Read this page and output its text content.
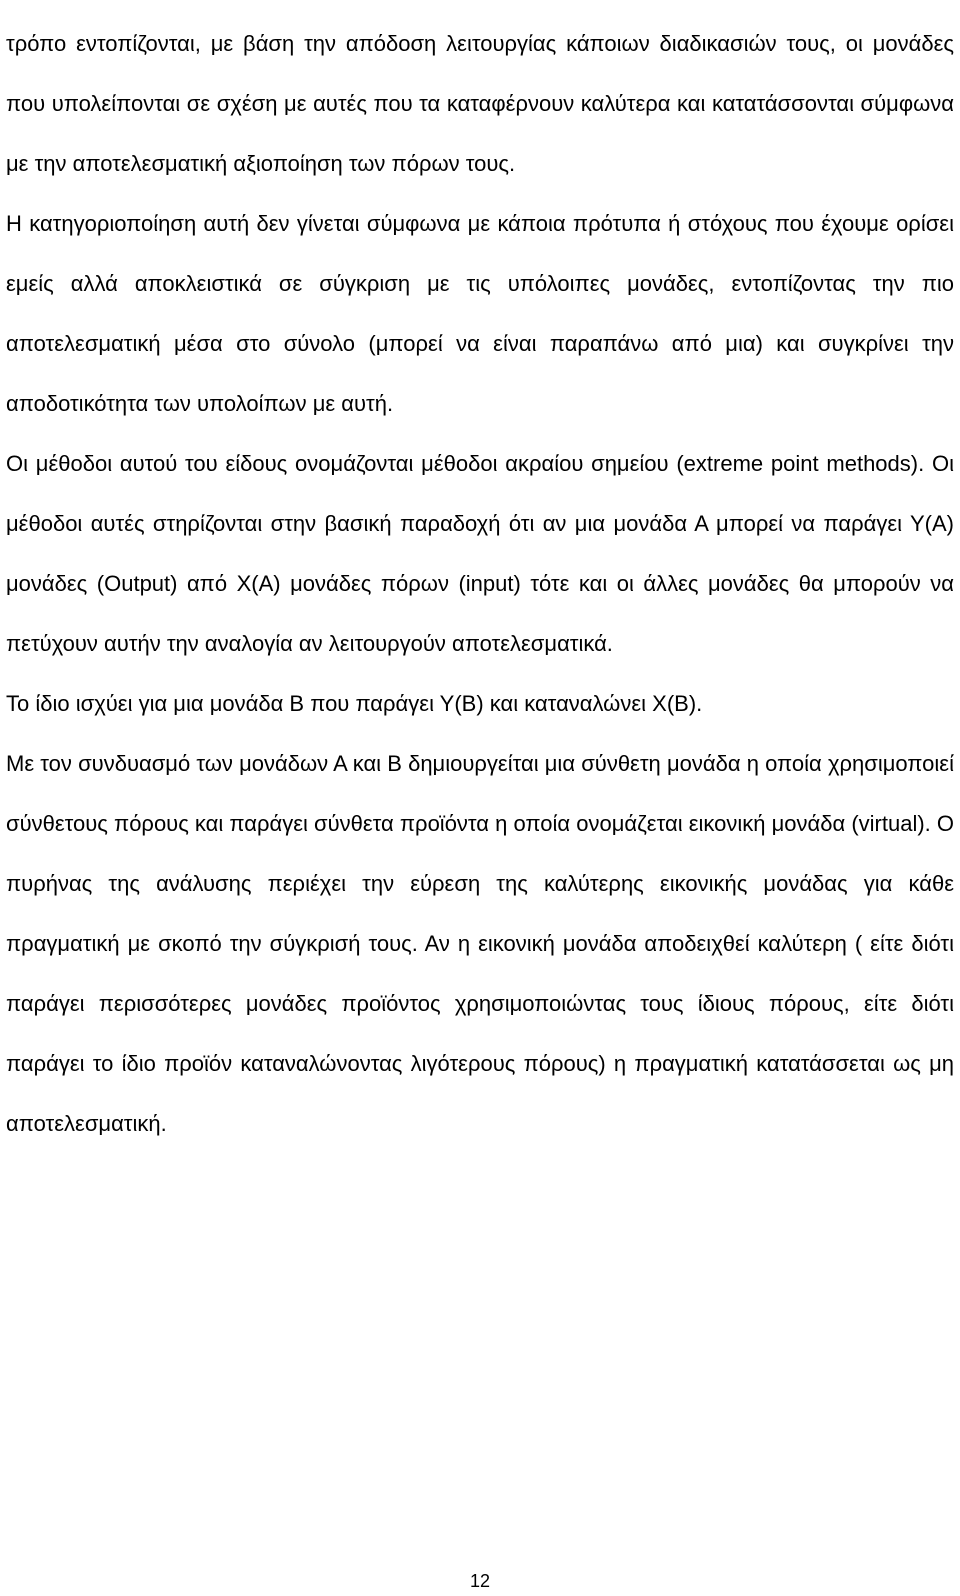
τρόπο εντοπίζονται, με βάση την απόδοση λειτουργίας κάποιων διαδικασιών τους, οι μονάδες που υπολείπονται σε σχέση με αυτές που τα καταφέρνουν καλύτερα και κατατάσσονται σύμφωνα με την αποτελεσματική αξιοποίηση των πόρων τους.

Η κατηγοριοποίηση αυτή δεν γίνεται σύμφωνα με κάποια πρότυπα ή στόχους που έχουμε ορίσει εμείς αλλά αποκλειστικά σε σύγκριση με τις υπόλοιπες μονάδες, εντοπίζοντας την πιο αποτελεσματική μέσα στο σύνολο (μπορεί να είναι παραπάνω από μια) και συγκρίνει την αποδοτικότητα των υπολοίπων με αυτή.

Οι μέθοδοι αυτού του είδους ονομάζονται μέθοδοι ακραίου σημείου (extreme point methods). Οι μέθοδοι αυτές στηρίζονται στην βασική παραδοχή ότι αν μια μονάδα Α μπορεί να παράγει Υ(Α) μονάδες (Output) από Χ(Α) μονάδες πόρων (input) τότε και οι άλλες μονάδες θα μπορούν να πετύχουν αυτήν την αναλογία αν λειτουργούν αποτελεσματικά.

Το ίδιο ισχύει για μια μονάδα Β που παράγει Υ(Β) και καταναλώνει Χ(Β).

Με τον συνδυασμό των μονάδων Α και Β δημιουργείται μια σύνθετη μονάδα η οποία χρησιμοποιεί σύνθετους πόρους και παράγει σύνθετα προϊόντα η οποία ονομάζεται εικονική μονάδα (virtual). Ο πυρήνας της ανάλυσης περιέχει την εύρεση της καλύτερης εικονικής μονάδας για κάθε πραγματική με σκοπό την σύγκρισή τους. Αν η εικονική μονάδα αποδειχθεί καλύτερη ( είτε διότι παράγει περισσότερες μονάδες προϊόντος χρησιμοποιώντας τους ίδιους πόρους, είτε διότι παράγει το ίδιο προϊόν καταναλώνοντας λιγότερους πόρους) η πραγματική κατατάσσεται ως μη αποτελεσματική.

12
